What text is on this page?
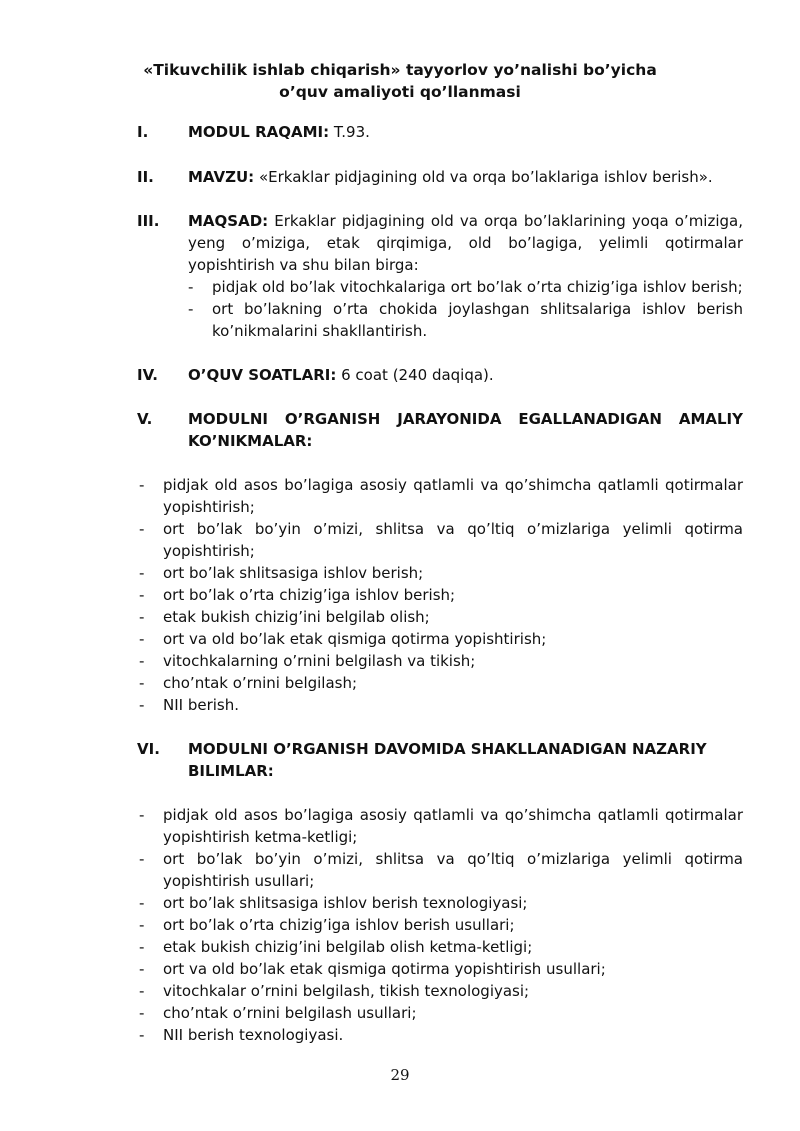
«Tikuvchilik ishlab chiqarish» tayyorlov yo’nalishi bo’yicha
o’quv amaliyoti qo’llanmasi
I.	MODUL RAQAMI: T.93.
II. MAVZU: «Erkaklar pidjagining old va orqa bo’laklariga ishlov berish».
III. MAQSAD: Erkaklar pidjagining old va orqa bo’laklarining yoqa o’miziga, yeng o’miziga, etak qirqimiga, old bo’lagiga, yelimli qotirmalar yopishtirish va shu bilan birga:
- pidjak old bo’lak vitochkalariga ort bo’lak o’rta chizig’iga ishlov berish;
- ort bo’lakning o’rta chokida joylashgan shlitsalariga ishlov berish ko’nikmalarini shakllantirish.
IV. O’QUV SOATLARI: 6 coat (240 daqiqa).
V. MODULNI O’RGANISH JARAYONIDA EGALLANADIGAN AMALIY KO’NIKMALAR:
- pidjak old asos bo’lagiga asosiy qatlamli va qo’shimcha qatlamli qotirmalar yopishtirish;
- ort bo’lak bo’yin o’mizi, shlitsa va qo’ltiq o’mizlariga yelimli qotirma yopishtirish;
- ort bo’lak shlitsasiga ishlov berish;
- ort bo’lak o’rta chizig’iga ishlov berish;
- etak bukish chizig’ini belgilab olish;
- ort va old bo’lak etak qismiga qotirma yopishtirish;
- vitochkalarning o’rnini belgilash va tikish;
- cho’ntak o’rnini belgilash;
- NII berish.
VI. MODULNI O’RGANISH DAVOMIDA SHAKLLANADIGAN NAZARIY BILIMLAR:
- pidjak old asos bo’lagiga asosiy qatlamli va qo’shimcha qatlamli qotirmalar yopishtirish ketma-ketligi;
- ort bo’lak bo’yin o’mizi, shlitsa va qo’ltiq o’mizlariga yelimli qotirma yopishtirish usullari;
- ort bo’lak shlitsasiga ishlov berish texnologiyasi;
- ort bo’lak o’rta chizig’iga ishlov berish usullari;
- etak bukish chizig’ini belgilab olish ketma-ketligi;
- ort va old bo’lak etak qismiga qotirma yopishtirish usullari;
- vitochkalar o’rnini belgilash, tikish texnologiyasi;
- cho’ntak o’rnini belgilash usullari;
- NII berish texnologiyasi.
29
